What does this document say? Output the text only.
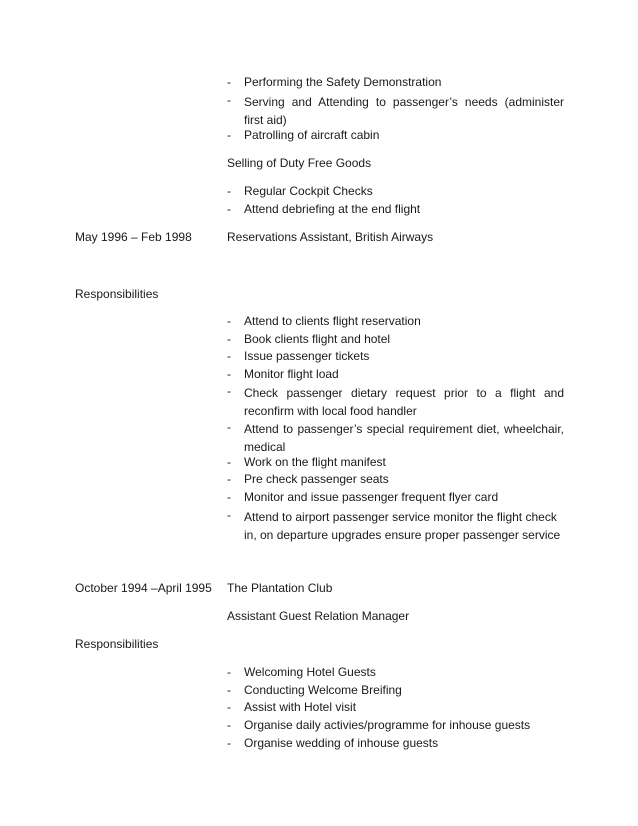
- Performing the Safety Demonstration
- Serving and Attending to passenger’s needs (administer first aid)
- Patrolling of aircraft cabin
Selling of Duty Free Goods
- Regular Cockpit Checks
- Attend debriefing at the end flight
May 1996 – Feb 1998	Reservations Assistant, British Airways
Responsibilities
- Attend to clients flight reservation
- Book clients flight and hotel
- Issue passenger tickets
- Monitor flight load
- Check passenger dietary request prior to a flight and reconfirm with local food handler
- Attend to passenger’s special requirement diet, wheelchair, medical
- Work on the flight manifest
- Pre check passenger seats
- Monitor and issue passenger frequent flyer card
- Attend to airport passenger service monitor the flight check in, on departure upgrades ensure proper passenger service
October 1994 –April 1995 The Plantation Club
Assistant Guest Relation Manager
Responsibilities
- Welcoming Hotel Guests
- Conducting Welcome Breifing
- Assist with Hotel visit
- Organise daily activies/programme for inhouse guests
- Organise wedding of inhouse guests
